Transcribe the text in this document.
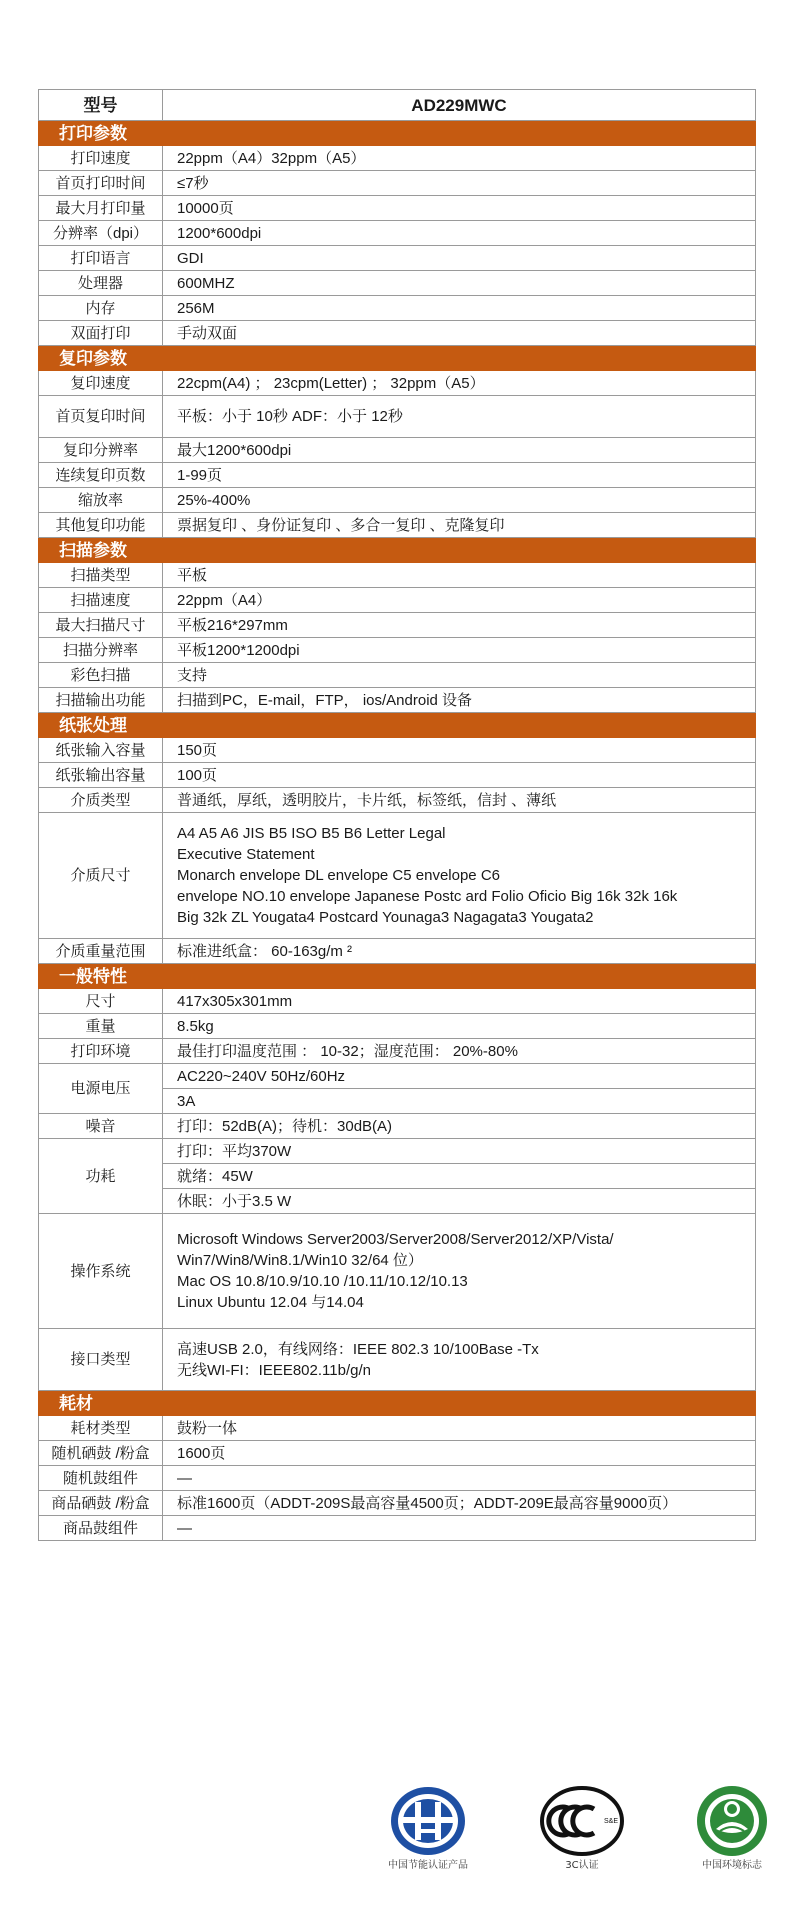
型号	AD229MWC
打印参数	
打印速度	22ppm（A4）32ppm（A5）

首页打印时间	≤7秒

最大月打印量	10000页

分辨率（dpi）	1200*600dpi

打印语言	GDI

处理器	600MHZ

内存	256M

双面打印	手动双面

复印参数	
复印速度	22cpm(A4) ； 23cpm(Letter) ； 32ppm（A5）

首页复印时间	平板：小于 10秒 ADF：小于 12秒

复印分辨率	最大1200*600dpi

连续复印页数	1-99页

缩放率	25%-400%

其他复印功能	票据复印 、身份证复印 、多合一复印 、克隆复印

扫描参数	
扫描类型	平板

扫描速度	22ppm（A4）

最大扫描尺寸	平板216*297mm

扫描分辨率	平板1200*1200dpi

彩色扫描	支持

扫描输出功能	扫描到PC，E-mail，FTP， ios/Android 设备

纸张处理	
纸张输入容量	150页

纸张输出容量	100页

介质类型	普通纸，厚纸，透明胶片，卡片纸，标签纸，信封 、薄纸

介质尺寸	A4 A5 A6 JIS B5 ISO B5 B6 Letter Legal
Executive Statement
Monarch envelope DL envelope C5 envelope C6
envelope NO.10 envelope Japanese Postc ard Folio Oficio Big 16k 32k 16k
Big 32k ZL Yougata4 Postcard Younaga3 Nagagata3 Yougata2

介质重量范围	标准进纸盒： 60-163g/m ²

一般特性	
尺寸	417x305x301mm

重量	8.5kg

打印环境	最佳打印温度范围 ： 10-32；湿度范围： 20%-80%

电源电压	AC220~240V 50Hz/60Hz
	3A
噪音	打印：52dB(A)；待机：30dB(A)

功耗	打印：平均370W
	就绪：45W
	休眠：小于3.5 W
操作系统	Microsoft Windows Server2003/Server2008/Server2012/XP/Vista/
Win7/Win8/Win8.1/Win10 32/64 位）
Mac OS 10.8/10.9/10.10 /10.11/10.12/10.13
Linux Ubuntu 12.04 与14.04

接口类型	高速USB 2.0，有线网络：IEEE 802.3 10/100Base -Tx
无线WI-FI：IEEE802.11b/g/n

耗材	
耗材类型	鼓粉一体

随机硒鼓 /粉盒	1600页

随机鼓组件	—

商品硒鼓 /粉盒	标准1600页（ADDT-209S最高容量4500页；ADDT-209E最高容量9000页）

商品鼓组件	—
中国节能认证产品
S&E
3C认证	中国环境标志
